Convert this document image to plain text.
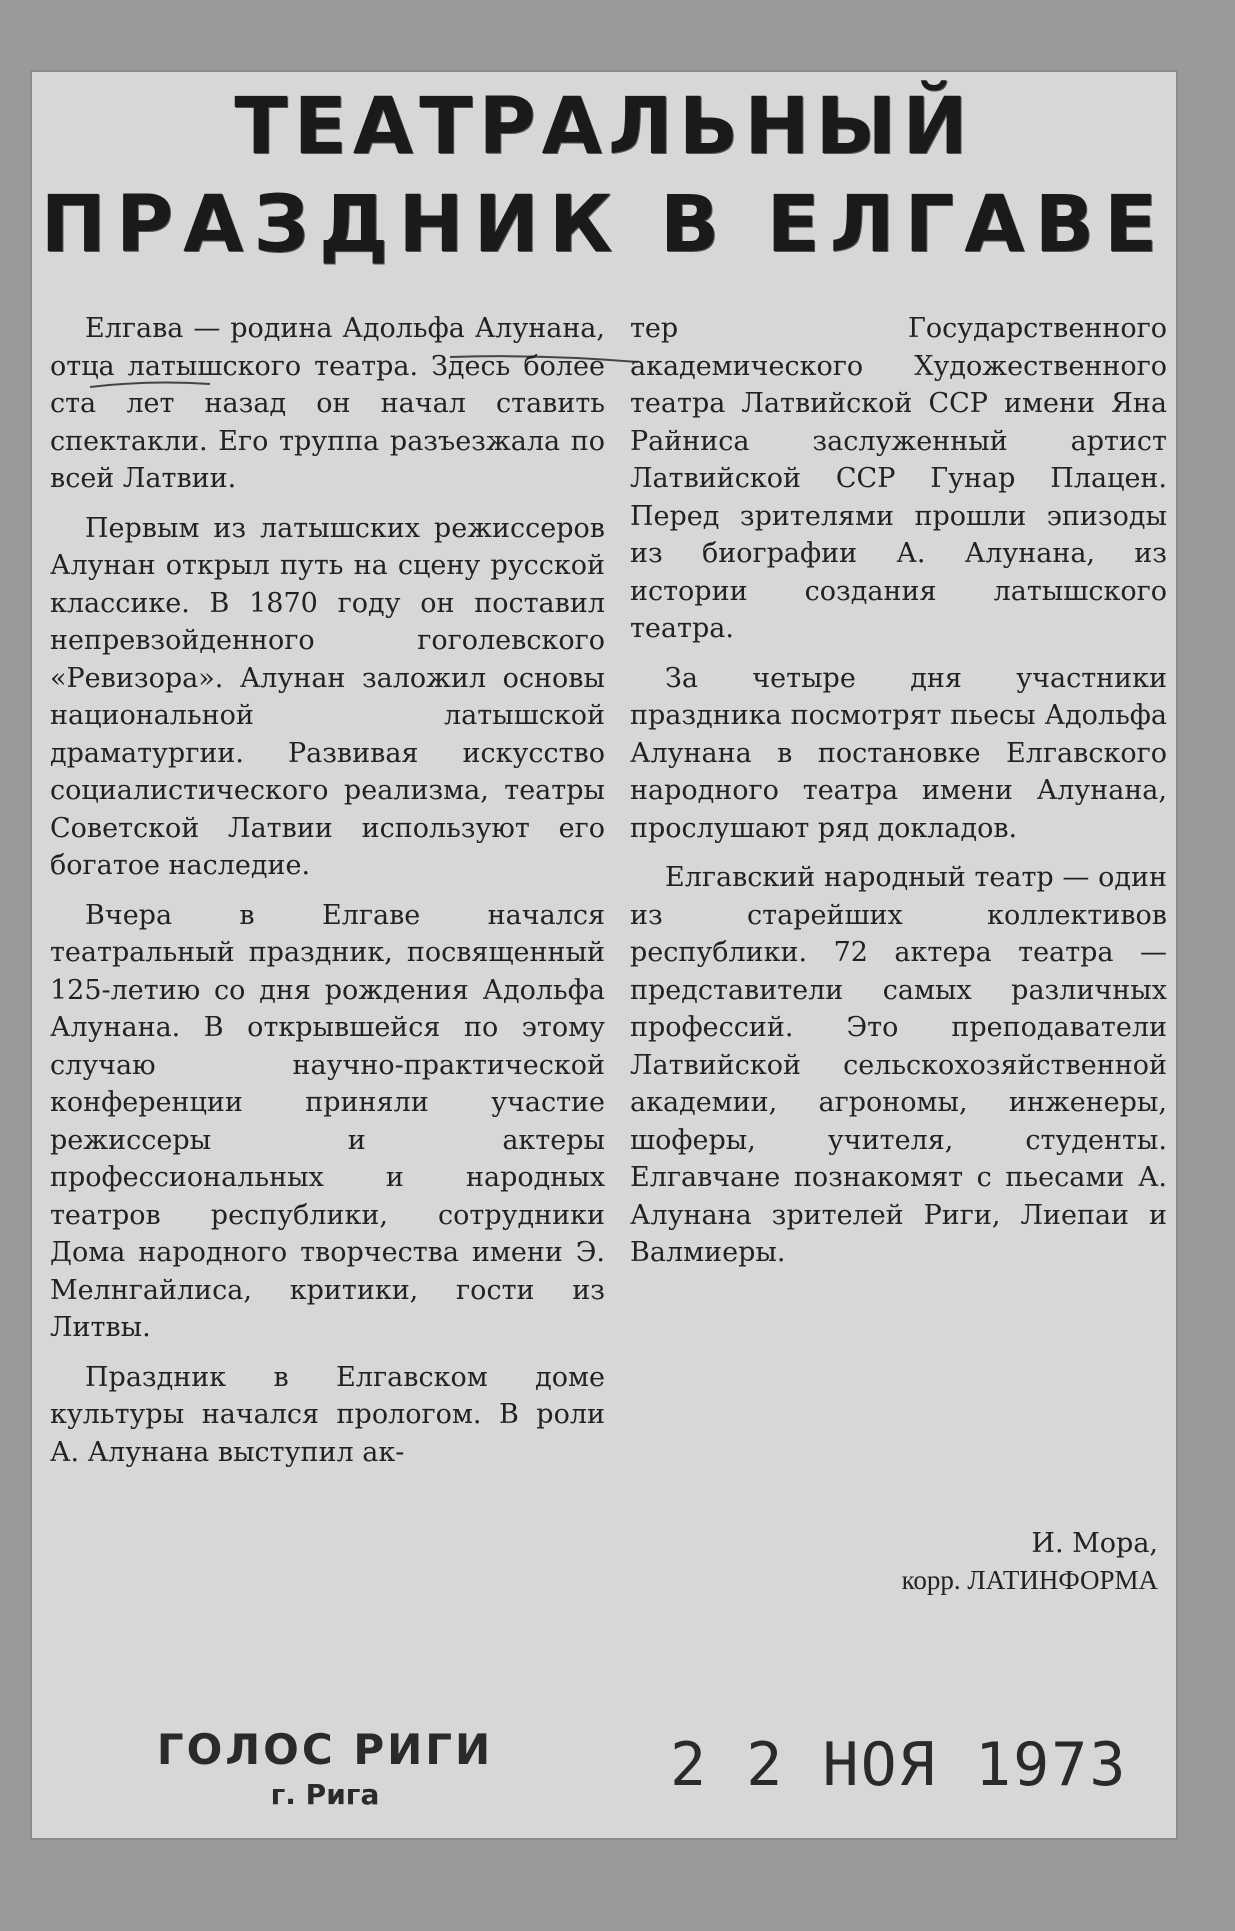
ТЕАТРАЛЬНЫЙ
ПРАЗДНИК В ЕЛГАВЕ

Елгава — родина Адольфа Алунана, отца латышского театра. Здесь более ста лет назад он начал ставить спектакли. Его труппа разъезжала по всей Латвии.

Первым из латышских режиссеров Алунан открыл путь на сцену русской классике. В 1870 году он поставил непревзойденного гоголевского «Ревизора». Алунан заложил основы национальной латышской драматургии. Развивая искусство социалистического реализма, театры Советской Латвии используют его богатое наследие.

Вчера в Елгаве начался театральный праздник, посвященный 125-летию со дня рождения Адольфа Алунана. В открывшейся по этому случаю научно-практической конференции приняли участие режиссеры и актеры профессиональных и народных театров республики, сотрудники Дома народного творчества имени Э. Мелнгайлиса, критики, гости из Литвы.

Праздник в Елгавском доме культуры начался прологом. В роли А. Алунана выступил ак-

тер Государственного академического Художественного театра Латвийской ССР имени Яна Райниса заслуженный артист Латвийской ССР Гунар Плацен. Перед зрителями прошли эпизоды из биографии А. Алунана, из истории создания латышского театра.

За четыре дня участники праздника посмотрят пьесы Адольфа Алунана в постановке Елгавского народного театра имени Алунана, прослушают ряд докладов.

Елгавский народный театр — один из старейших коллективов республики. 72 актера театра — представители самых различных профессий. Это преподаватели Латвийской сельскохозяйственной академии, агрономы, инженеры, шоферы, учителя, студенты. Елгавчане познакомят с пьесами А. Алунана зрителей Риги, Лиепаи и Валмиеры.

И. Мора,
корр. ЛАТИНФОРМА
ГОЛОС РИГИ
г. Рига	2 2 НОЯ 1973
